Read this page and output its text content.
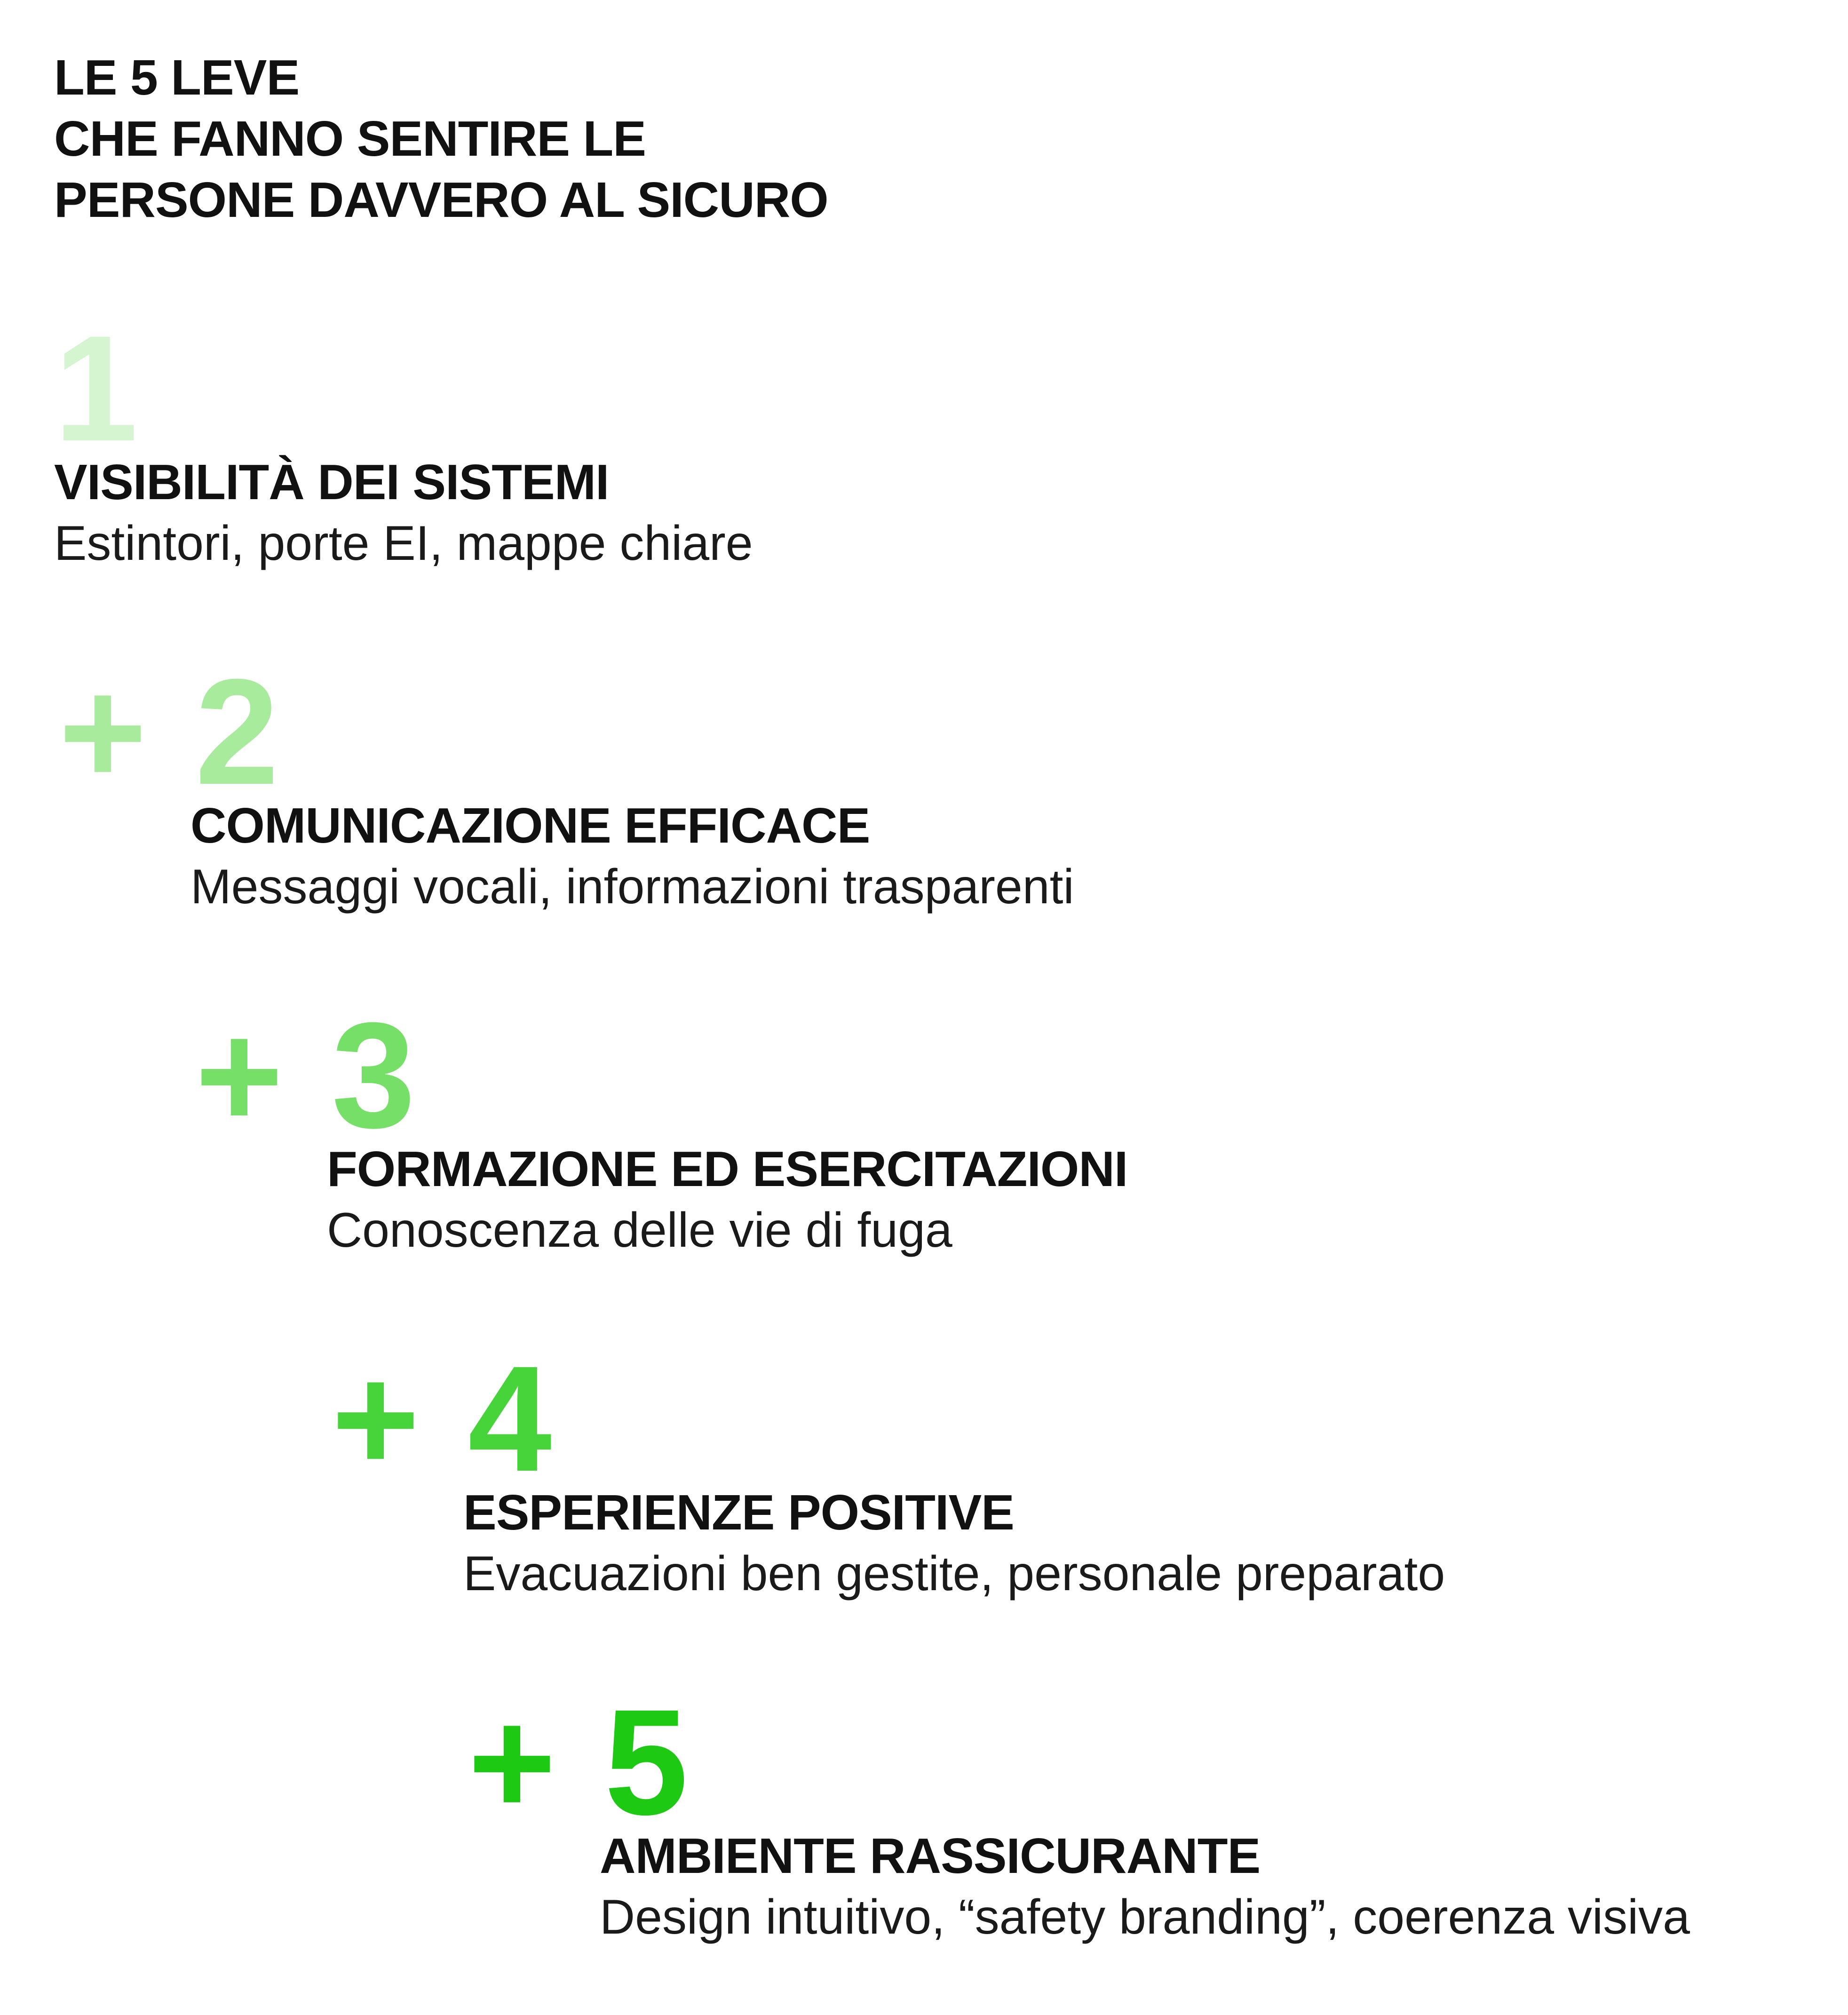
LE 5 LEVE
CHE FANNO SENTIRE LE
PERSONE DAVVERO AL SICURO
1
VISIBILITÀ DEI SISTEMI
Estintori, porte EI, mappe chiare
+ 2
COMUNICAZIONE EFFICACE
Messaggi vocali, informazioni trasparenti
+ 3
FORMAZIONE ED ESERCITAZIONI
Conoscenza delle vie di fuga
+ 4
ESPERIENZE POSITIVE
Evacuazioni ben gestite, personale preparato
+ 5
AMBIENTE RASSICURANTE
Design intuitivo, “safety branding”, coerenza visiva
